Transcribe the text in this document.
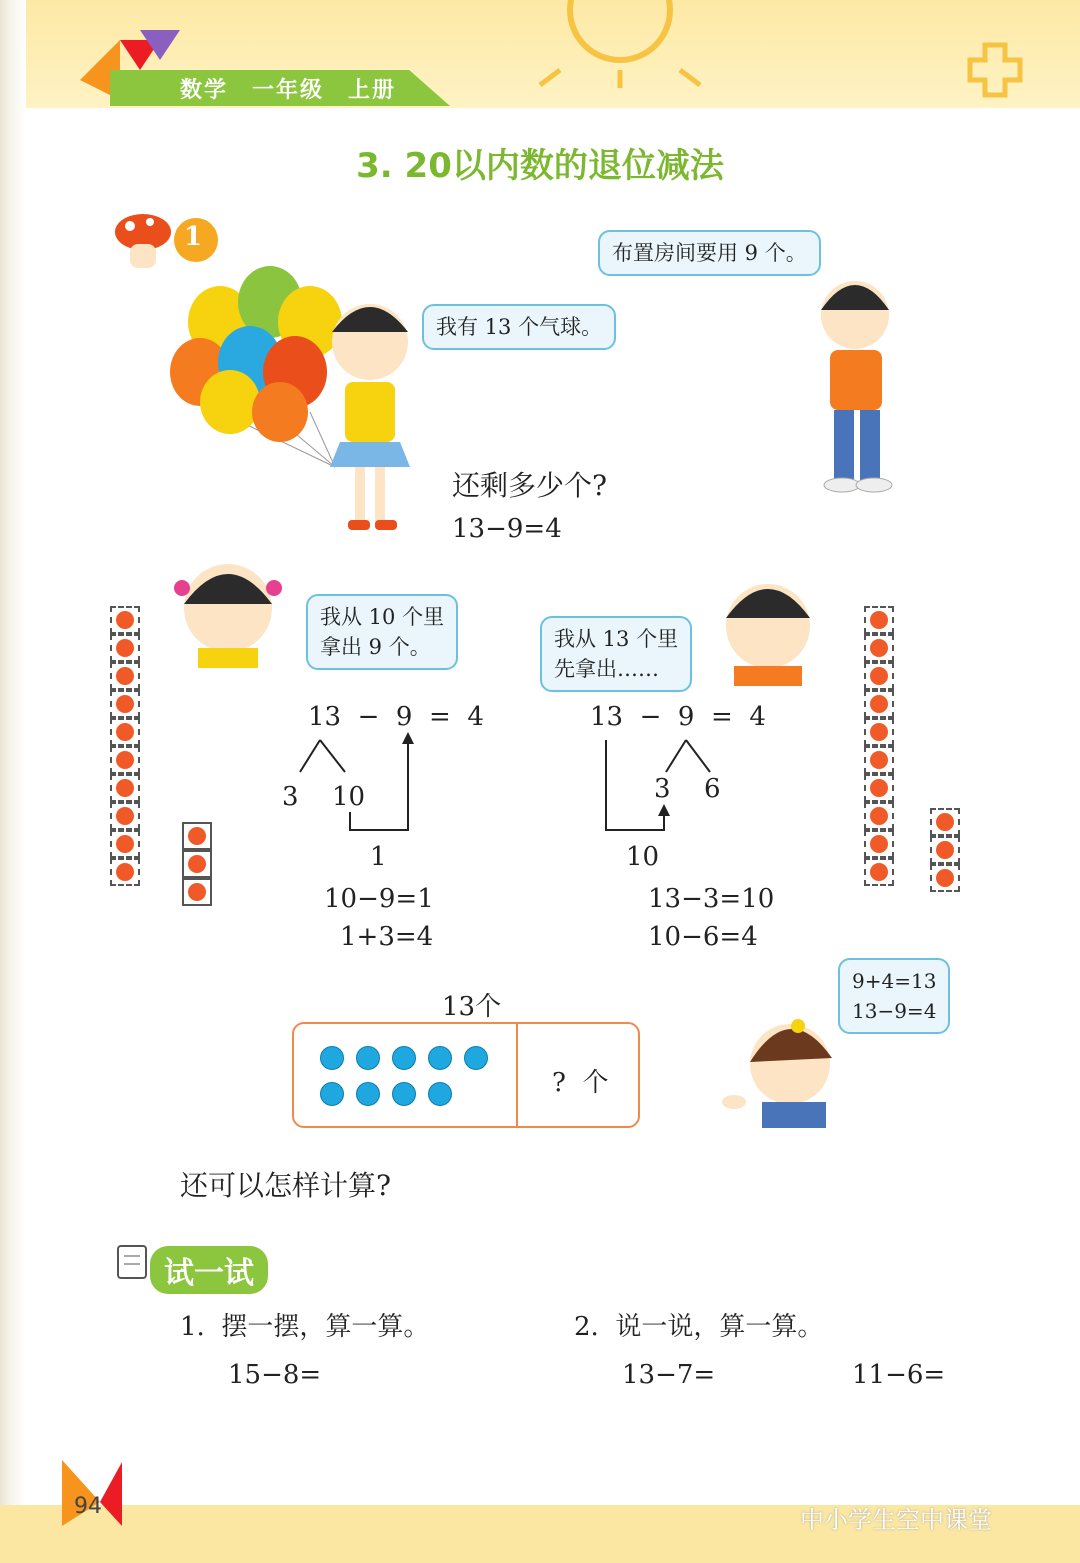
数学　一年级　上册
3. 20以内数的退位减法
1
我有 13 个气球。
布置房间要用 9 个。
还剩多少个?
13−9=4
我从 10 个里
拿出 9 个。
13  −  9  =  4
3 10
1
10−9=1
1+3=4
我从 13 个里
先拿出……
13  −  9  =  4
3 6
10
13−3=10
10−6=4
13个
?  个
9+4=13
13−9=4
还可以怎样计算?
试一试
1.  摆一摆，算一算。
15−8=
2.  说一说，算一算。
13−7=	11−6=
94	中小学生空中课堂
